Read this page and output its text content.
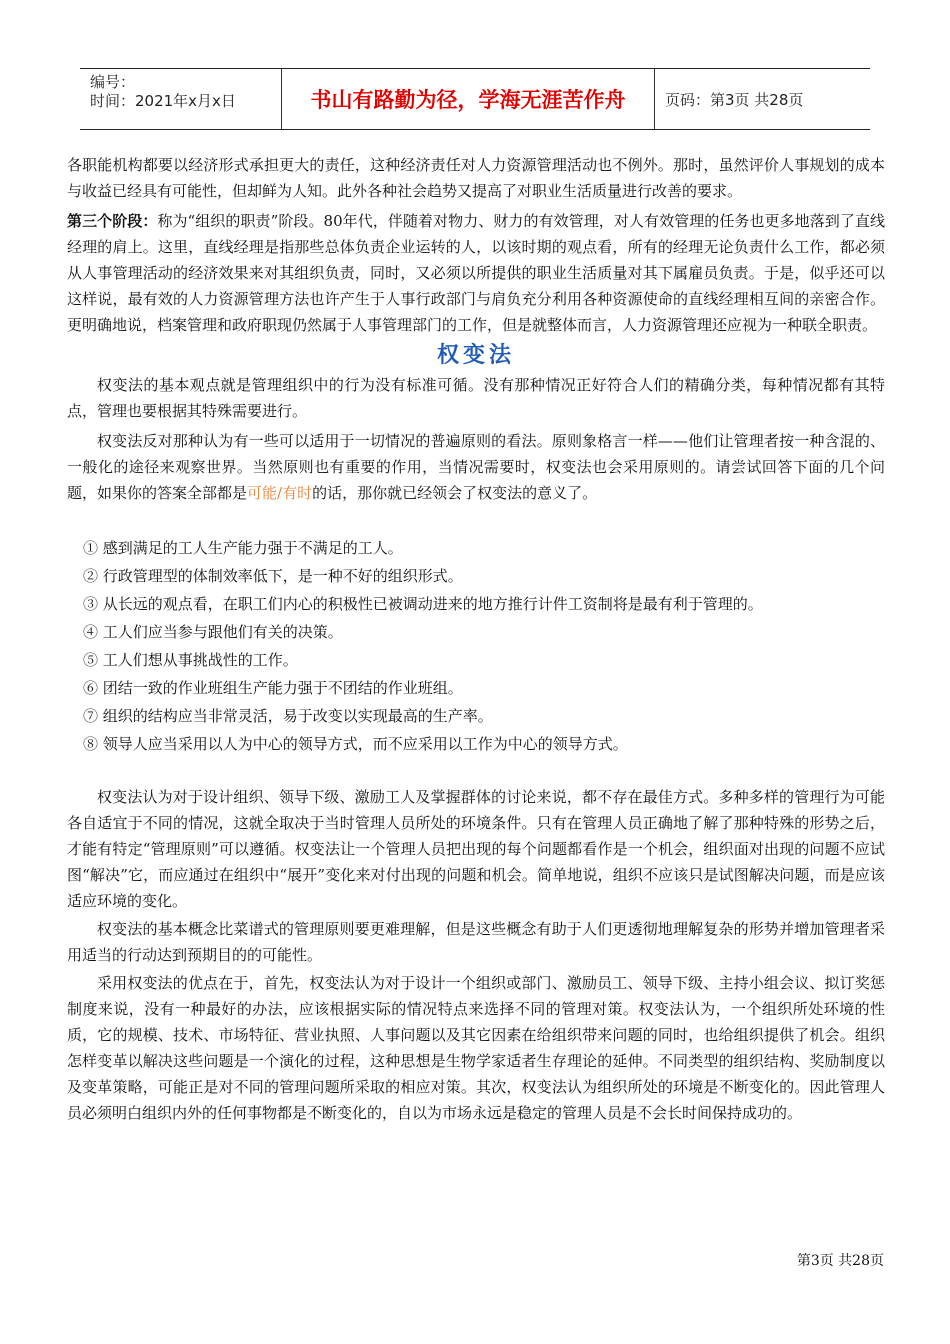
编号：
时间：2021年x月x日	书山有路勤为径，学海无涯苦作舟	页码：第3页 共28页

各职能机构都要以经济形式承担更大的责任，这种经济责任对人力资源管理活动也不例外。那时，虽然评价人事规划的成本与收益已经具有可能性，但却鲜为人知。此外各种社会趋势又提高了对职业生活质量进行改善的要求。

第三个阶段：称为“组织的职责”阶段。80年代，伴随着对物力、财力的有效管理，对人有效管理的任务也更多地落到了直线经理的肩上。这里，直线经理是指那些总体负责企业运转的人，以该时期的观点看，所有的经理无论负责什么工作，都必须从人事管理活动的经济效果来对其组织负责，同时，又必须以所提供的职业生活质量对其下属雇员负责。于是，似乎还可以这样说，最有效的人力资源管理方法也许产生于人事行政部门与肩负充分利用各种资源使命的直线经理相互间的亲密合作。更明确地说，档案管理和政府职现仍然属于人事管理部门的工作，但是就整体而言，人力资源管理还应视为一种联全职责。

权变法

权变法的基本观点就是管理组织中的行为没有标准可循。没有那种情况正好符合人们的精确分类，每种情况都有其特点，管理也要根据其特殊需要进行。

权变法反对那种认为有一些可以适用于一切情况的普遍原则的看法。原则象格言一样——他们让管理者按一种含混的、一般化的途径来观察世界。当然原则也有重要的作用，当情况需要时，权变法也会采用原则的。请尝试回答下面的几个问题，如果你的答案全部都是可能/有时的话，那你就已经领会了权变法的意义了。

① 感到满足的工人生产能力强于不满足的工人。

② 行政管理型的体制效率低下，是一种不好的组织形式。

③ 从长远的观点看，在职工们内心的积极性已被调动进来的地方推行计件工资制将是最有利于管理的。

④ 工人们应当参与跟他们有关的决策。

⑤ 工人们想从事挑战性的工作。

⑥ 团结一致的作业班组生产能力强于不团结的作业班组。

⑦ 组织的结构应当非常灵活，易于改变以实现最高的生产率。

⑧ 领导人应当采用以人为中心的领导方式，而不应采用以工作为中心的领导方式。

权变法认为对于设计组织、领导下级、激励工人及掌握群体的讨论来说，都不存在最佳方式。多种多样的管理行为可能各自适宜于不同的情况，这就全取决于当时管理人员所处的环境条件。只有在管理人员正确地了解了那种特殊的形势之后，才能有特定“管理原则”可以遵循。权变法让一个管理人员把出现的每个问题都看作是一个机会，组织面对出现的问题不应试图“解决”它，而应通过在组织中“展开”变化来对付出现的问题和机会。简单地说，组织不应该只是试图解决问题，而是应该适应环境的变化。

权变法的基本概念比菜谱式的管理原则要更难理解，但是这些概念有助于人们更透彻地理解复杂的形势并增加管理者采用适当的行动达到预期目的的可能性。

采用权变法的优点在于，首先，权变法认为对于设计一个组织或部门、激励员工、领导下级、主持小组会议、拟订奖惩制度来说，没有一种最好的办法，应该根据实际的情况特点来选择不同的管理对策。权变法认为，一个组织所处环境的性质，它的规模、技术、市场特征、营业执照、人事问题以及其它因素在给组织带来问题的同时，也给组织提供了机会。组织怎样变革以解决这些问题是一个演化的过程，这种思想是生物学家适者生存理论的延伸。不同类型的组织结构、奖励制度以及变革策略，可能正是对不同的管理问题所采取的相应对策。其次，权变法认为组织所处的环境是不断变化的。因此管理人员必须明白组织内外的任何事物都是不断变化的，自以为市场永远是稳定的管理人员是不会长时间保持成功的。

第3页 共28页
